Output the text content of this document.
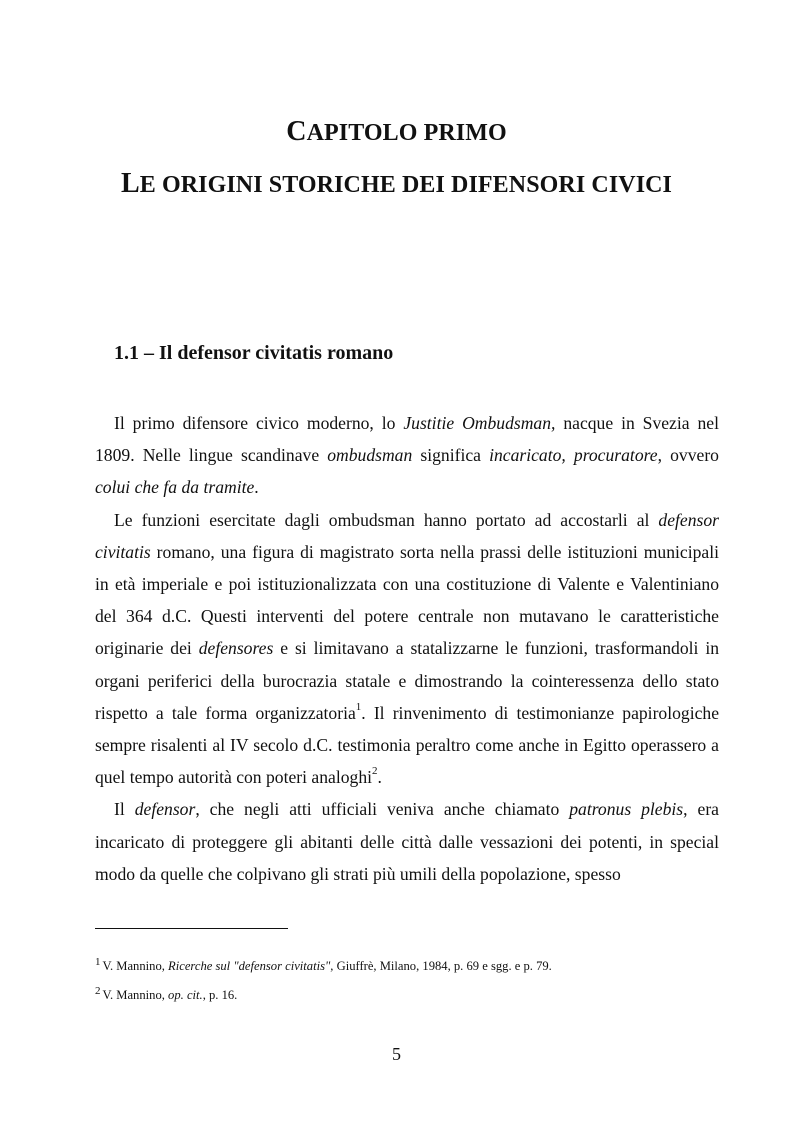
CAPITOLO PRIMO
LE ORIGINI STORICHE DEI DIFENSORI CIVICI
1.1 – Il defensor civitatis romano

Il primo difensore civico moderno, lo Justitie Ombudsman, nacque in Svezia nel 1809. Nelle lingue scandinave ombudsman significa incaricato, procuratore, ovvero colui che fa da tramite.

Le funzioni esercitate dagli ombudsman hanno portato ad accostarli al defensor civitatis romano, una figura di magistrato sorta nella prassi delle istituzioni municipali in età imperiale e poi istituzionalizzata con una costituzione di Valente e Valentiniano del 364 d.C. Questi interventi del potere centrale non mutavano le caratteristiche originarie dei defensores e si limitavano a statalizzarne le funzioni, trasformandoli in organi periferici della burocrazia statale e dimostrando la cointeressenza dello stato rispetto a tale forma organizzatoria$^1$. Il rinvenimento di testimonianze papirologiche sempre risalenti al IV secolo d.C. testimonia peraltro come anche in Egitto operassero a quel tempo autorità con poteri analoghi$^2$.

Il defensor, che negli atti ufficiali veniva anche chiamato patronus plebis, era incaricato di proteggere gli abitanti delle città dalle vessazioni dei potenti, in special modo da quelle che colpivano gli strati più umili della popolazione, spesso

1 V. Mannino, Ricerche sul "defensor civitatis", Giuffrè, Milano, 1984, p. 69 e sgg. e p. 79.
2 V. Mannino, op. cit., p. 16.
5
